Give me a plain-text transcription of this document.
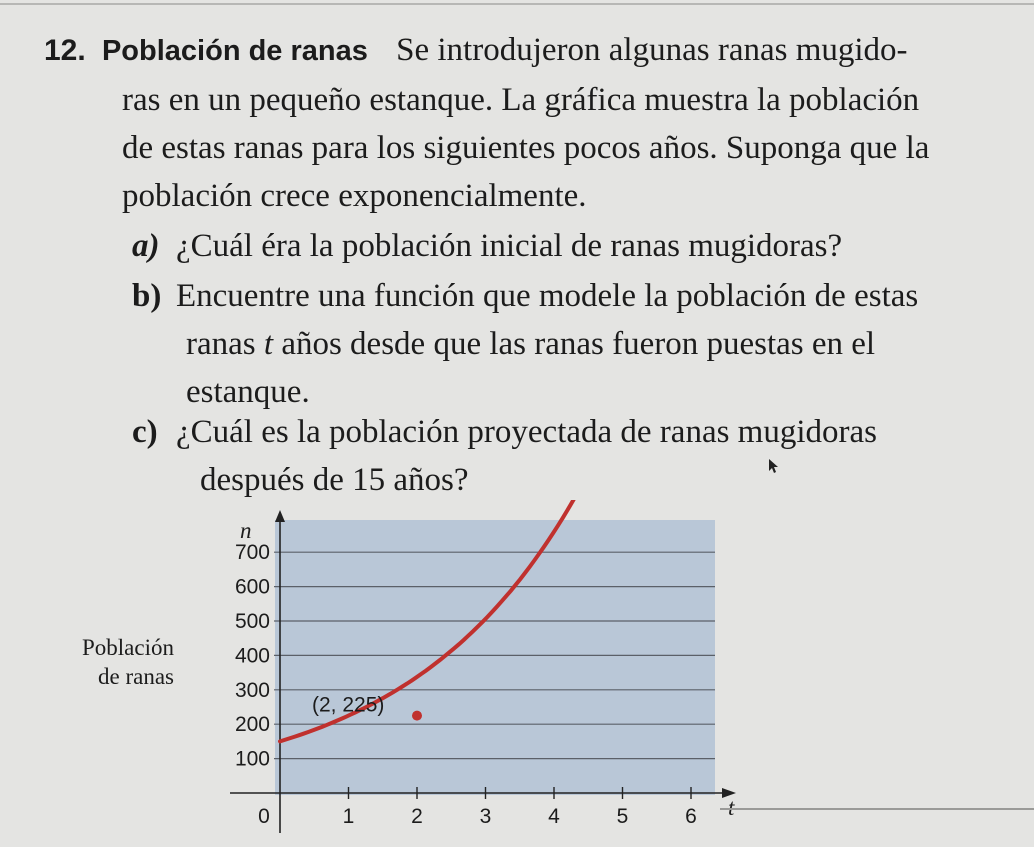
12. Población de ranas Se introdujeron algunas ranas mugido-
ras en un pequeño estanque. La gráfica muestra la población
de estas ranas para los siguientes pocos años. Suponga que la
población crece exponencialmente.
a) ¿Cuál éra la población inicial de ranas mugidoras?
b) Encuentre una función que modele la población de estas
ranas t años desde que las ranas fueron puestas en el
estanque.
c) ¿Cuál es la población proyectada de ranas mugidoras
después de 15 años?
0	1	2	3	4	5	6
100
200
300
400
500
600
700
(2, 225)
n
Población
de ranas
